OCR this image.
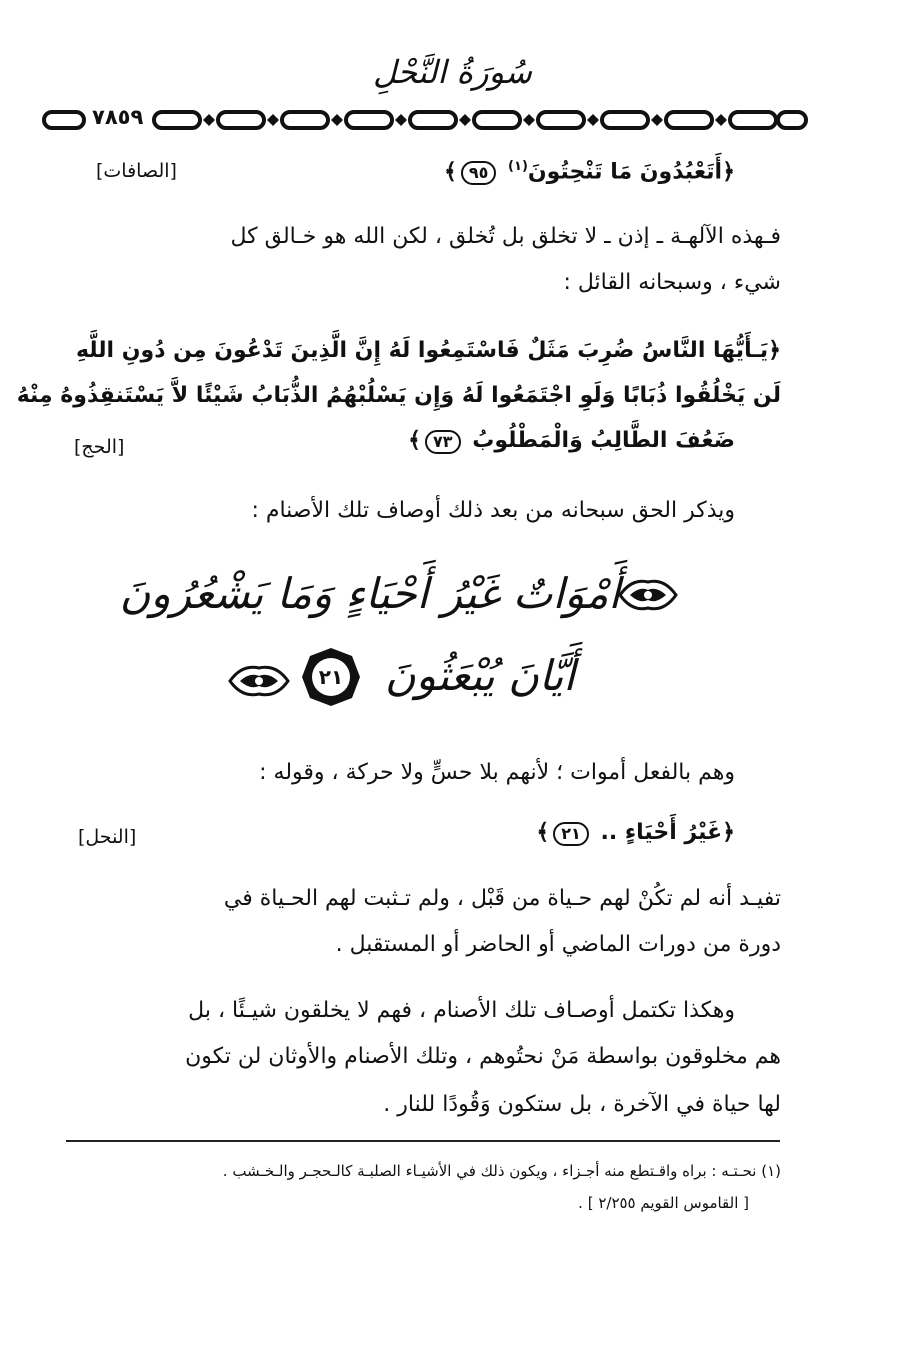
سُورَةُ النَّحْلِ
٧٨٥٩
[الصافات]	﴿أَتَعْبُدُونَ مَا تَنْحِتُونَ$^{(١)}$ ٩٥﴾
فـهذه الآلهـة ـ إذن ـ لا تخلق بل تُخلق ، لكن الله هو خـالق كل
شيء ، وسبحانه القائل :
﴿يَـأَيُّهَا النَّاسُ ضُرِبَ مَثَلٌ فَاسْتَمِعُوا لَهُ إِنَّ الَّذِينَ تَدْعُونَ مِن دُونِ اللَّهِ
لَن يَخْلُقُوا ذُبَابًا وَلَوِ اجْتَمَعُوا لَهُ وَإِن يَسْلُبْهُمُ الذُّبَابُ شَيْئًا لاَّ يَسْتَنقِذُوهُ مِنْهُ
ضَعُفَ الطَّالِبُ وَالْمَطْلُوبُ ٧٣﴾
[الحج]
ويذكر الحق سبحانه من بعد ذلك أوصاف تلك الأصنام :
أَمْوَاتٌ غَيْرُ أَحْيَاءٍ وَمَا يَشْعُرُونَ
أَيَّانَ يُبْعَثُونَ
٢١
وهم بالفعل أموات ؛ لأنهم بلا حسٍّ ولا حركة ، وقوله :
﴿غَيْرُ أَحْيَاءٍ .. ٢١﴾
[النحل]
تفيـد أنه لم تكُنْ لهم حـياة من قَبْل ، ولم تـثبت لهم الحـياة في
دورة من دورات الماضي أو الحاضر أو المستقبل .
وهكذا تكتمل أوصـاف تلك الأصنام ، فهم لا يخلقون شيـئًا ، بل
هم مخلوقون بواسطة مَنْ نحتُوهم ، وتلك الأصنام والأوثان لن تكون
لها حياة في الآخرة ، بل ستكون وَقُودًا للنار .
(١) نحـتـه : براه واقـتطع منه أجـزاء ، ويكون ذلك في الأشيـاء الصلبـة كالـحجـر والـخـشب .
[ القاموس القويم ٢/٢٥٥ ] .
